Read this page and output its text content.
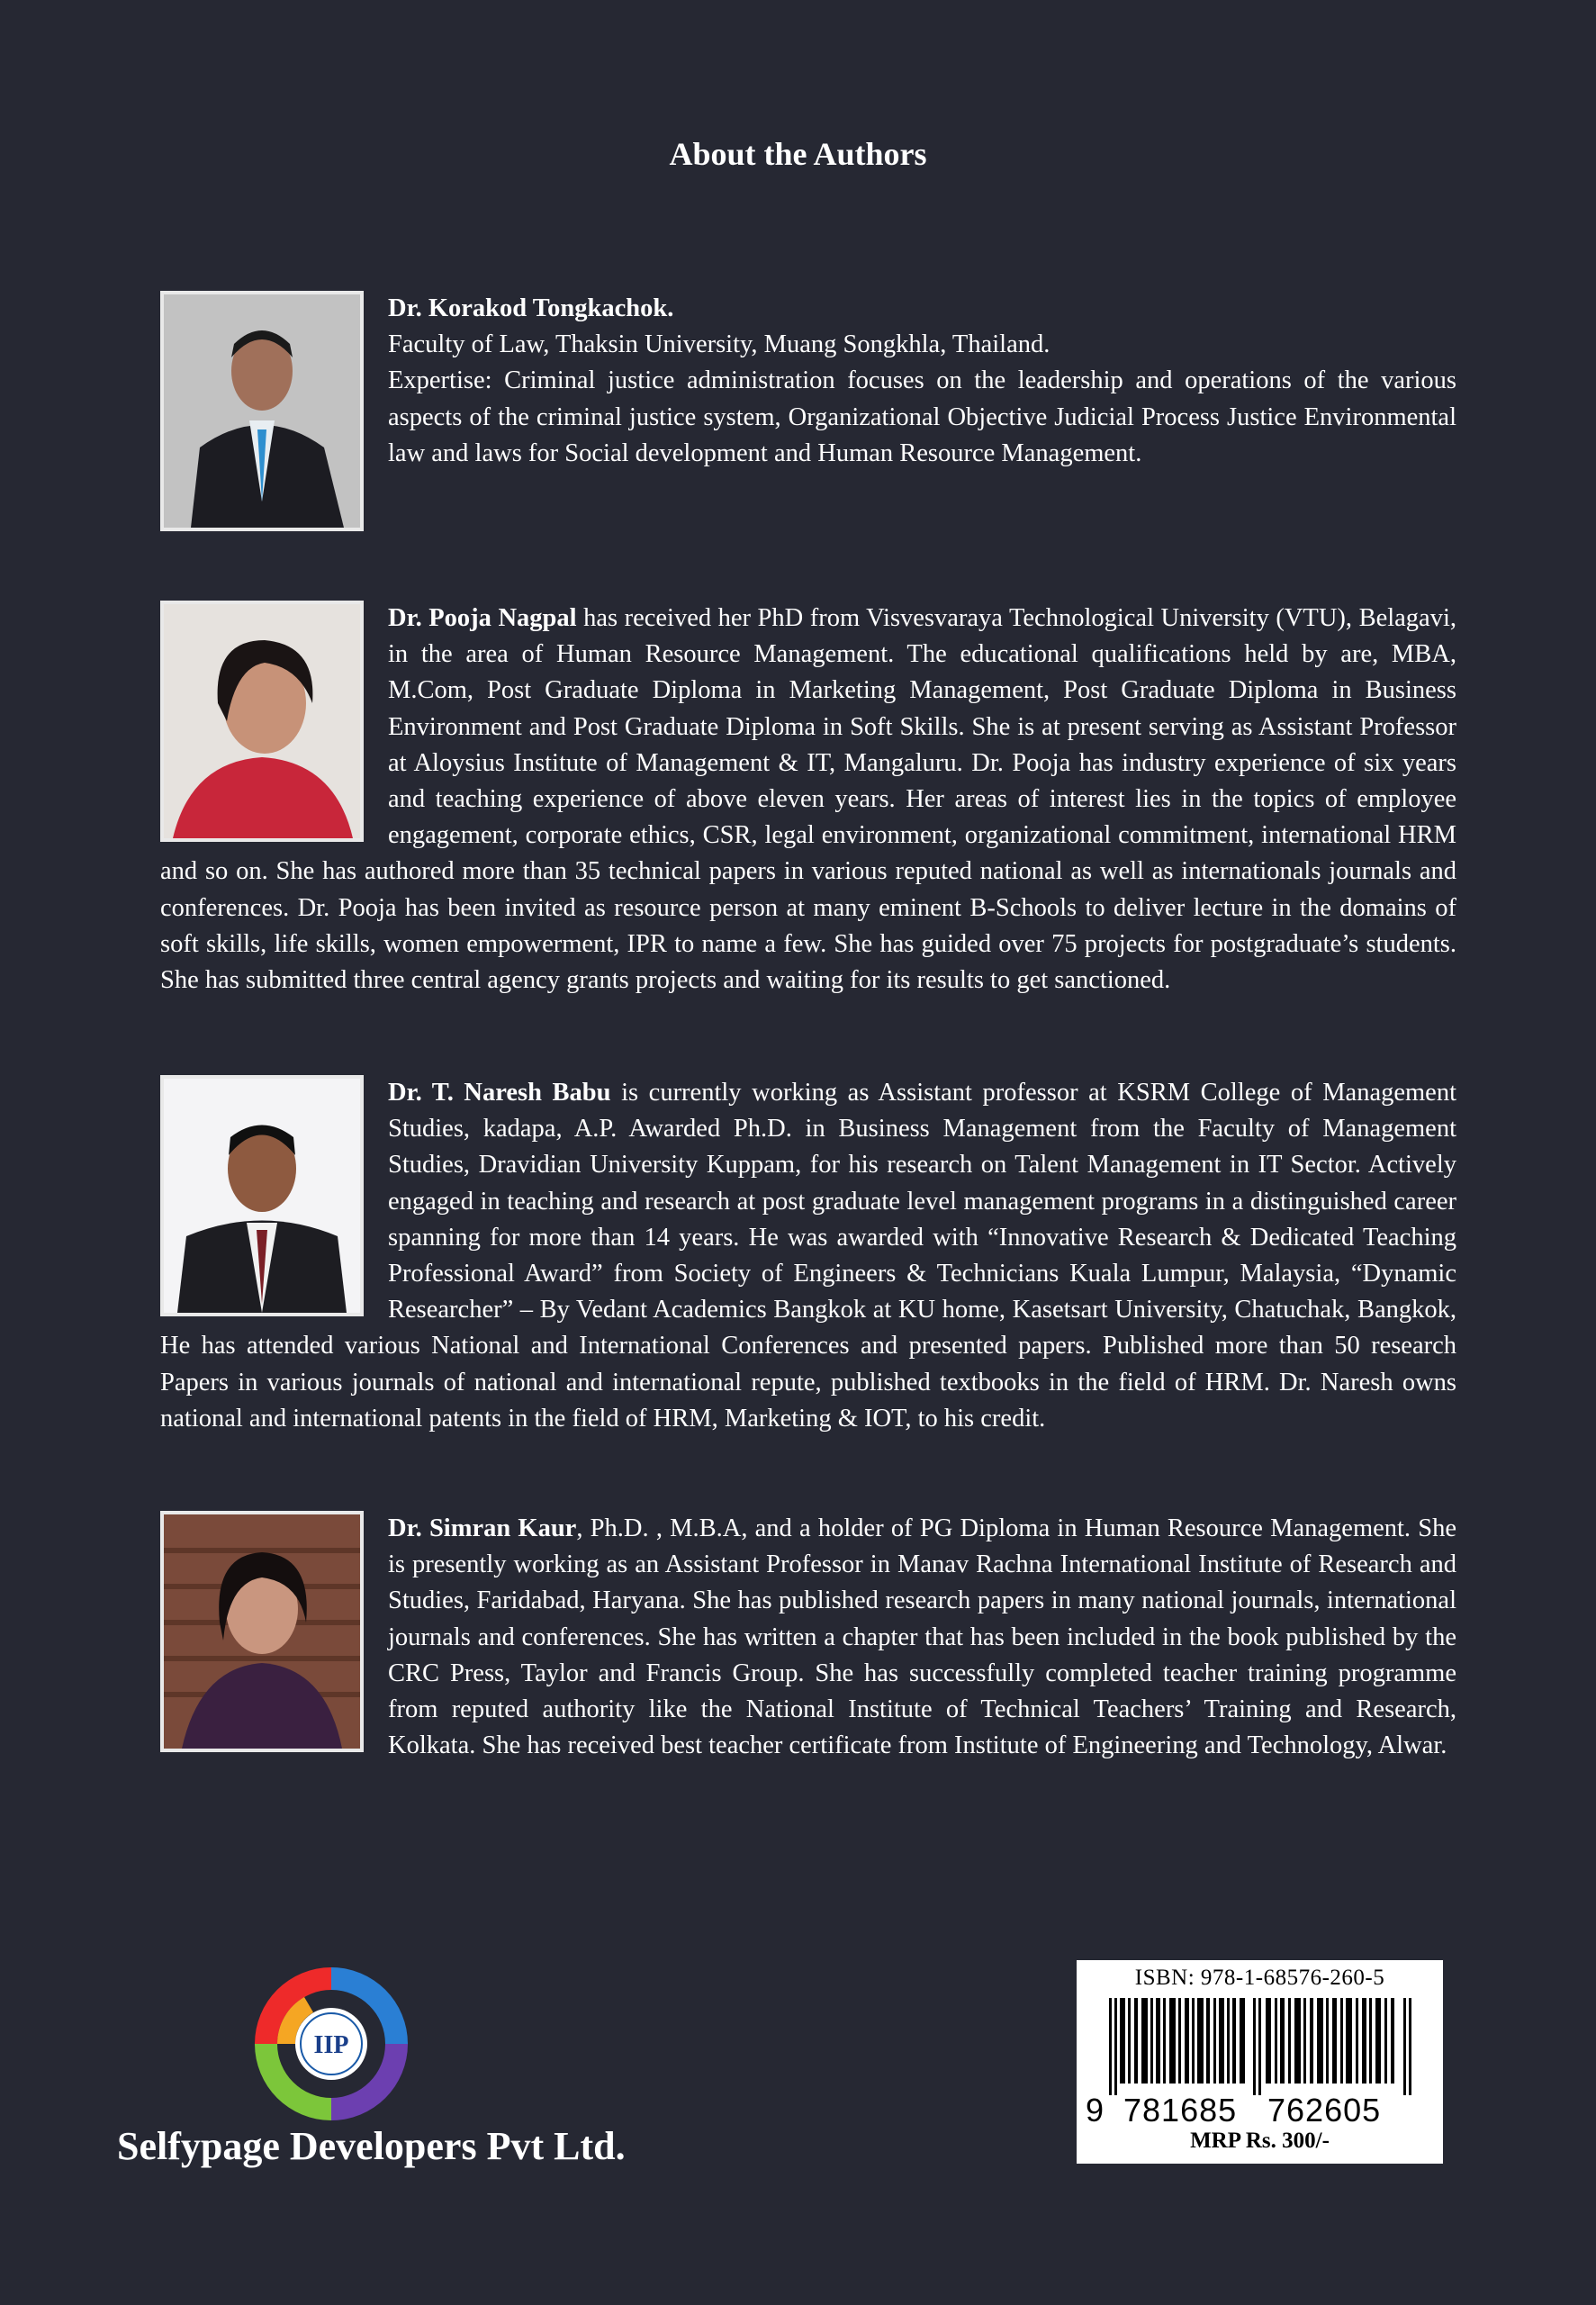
About the Authors

Dr. Korakod Tongkachok.

Faculty of Law, Thaksin University, Muang Songkhla, Thailand.

Expertise: Criminal justice administration focuses on the leadership and operations of the various aspects of the criminal justice system, Organizational Objective Judicial Process Justice Environmental law and laws for Social development and Human Resource Management.

Dr. Pooja Nagpal has received her PhD from Visvesvaraya Technological University (VTU), Belagavi, in the area of Human Resource Management. The educational qualifications held by are, MBA, M.Com, Post Graduate Diploma in Marketing Management, Post Graduate Diploma in Business Environment and Post Graduate Diploma in Soft Skills. She is at present serving as Assistant Professor at Aloysius Institute of Management & IT, Mangaluru. Dr. Pooja has industry experience of six years and teaching experience of above eleven years. Her areas of interest lies in the topics of employee engagement, corporate ethics, CSR, legal environment, organizational commitment, international HRM and so on. She has authored more than 35 technical papers in various reputed national as well as internationals journals and conferences. Dr. Pooja has been invited as resource person at many eminent B-Schools to deliver lecture in the domains of soft skills, life skills, women empowerment, IPR to name a few. She has guided over 75 projects for postgraduate’s students. She has submitted three central agency grants projects and waiting for its results to get sanctioned.

Dr. T. Naresh Babu is currently working as Assistant professor at KSRM College of Management Studies, kadapa, A.P. Awarded Ph.D. in Business Management from the Faculty of Management Studies, Dravidian University Kuppam, for his research on Talent Management in IT Sector. Actively engaged in teaching and research at post graduate level management programs in a distinguished career spanning for more than 14 years. He was awarded with “Innovative Research & Dedicated Teaching Professional Award” from Society of Engineers & Technicians Kuala Lumpur, Malaysia, “Dynamic Researcher” – By Vedant Academics Bangkok at KU home, Kasetsart University, Chatuchak, Bangkok, He has attended various National and International Conferences and presented papers. Published more than 50 research Papers in various journals of national and international repute, published textbooks in the field of HRM. Dr. Naresh owns national and international patents in the field of HRM, Marketing & IOT, to his credit.

Dr. Simran Kaur, Ph.D. , M.B.A, and a holder of PG Diploma in Human Resource Management. She is presently working as an Assistant Professor in Manav Rachna International Institute of Research and Studies, Faridabad, Haryana. She has published research papers in many national journals, international journals and conferences. She has written a chapter that has been included in the book published by the CRC Press, Taylor and Francis Group. She has successfully completed teacher training programme from reputed authority like the National Institute of Technical Teachers’ Training and Research, Kolkata. She has received best teacher certificate from Institute of Engineering and Technology, Alwar.

IIP
Selfypage Developers Pvt Ltd.
ISBN: 978-1-68576-260-5
9 781685 762605
MRP Rs. 300/-
